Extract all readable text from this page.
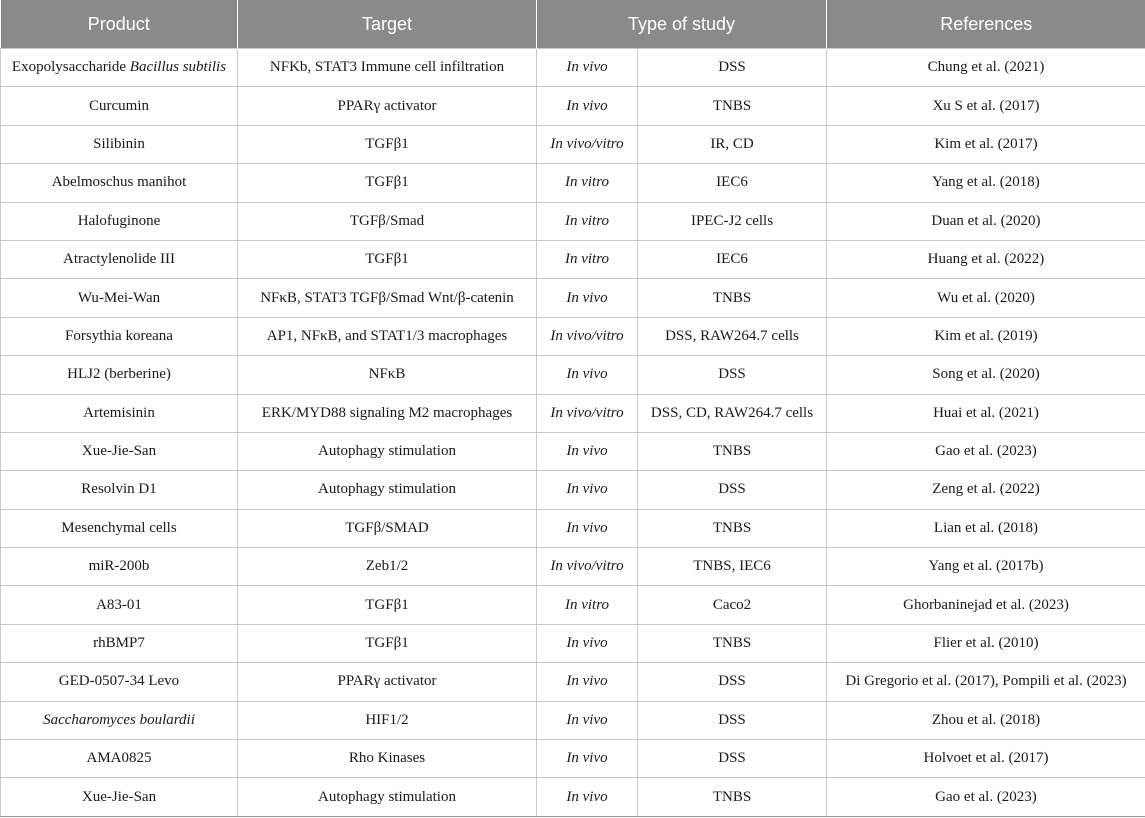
Product	Target	Type of study		References
Exopolysaccharide Bacillus subtilis	NFKb, STAT3 Immune cell infiltration	In vivo	DSS	Chung et al. (2021)
Curcumin	PPARγ activator	In vivo	TNBS	Xu S et al. (2017)
Silibinin	TGFβ1	In vivo/vitro	IR, CD	Kim et al. (2017)
Abelmoschus manihot	TGFβ1	In vitro	IEC6	Yang et al. (2018)
Halofuginone	TGFβ/Smad	In vitro	IPEC-J2 cells	Duan et al. (2020)
Atractylenolide III	TGFβ1	In vitro	IEC6	Huang et al. (2022)
Wu-Mei-Wan	NFκB, STAT3 TGFβ/Smad Wnt/β-catenin	In vivo	TNBS	Wu et al. (2020)
Forsythia koreana	AP1, NFκB, and STAT1/3 macrophages	In vivo/vitro	DSS, RAW264.7 cells	Kim et al. (2019)
HLJ2 (berberine)	NFκB	In vivo	DSS	Song et al. (2020)
Artemisinin	ERK/MYD88 signaling M2 macrophages	In vivo/vitro	DSS, CD, RAW264.7 cells	Huai et al. (2021)
Xue-Jie-San	Autophagy stimulation	In vivo	TNBS	Gao et al. (2023)
Resolvin D1	Autophagy stimulation	In vivo	DSS	Zeng et al. (2022)
Mesenchymal cells	TGFβ/SMAD	In vivo	TNBS	Lian et al. (2018)
miR-200b	Zeb1/2	In vivo/vitro	TNBS, IEC6	Yang et al. (2017b)
A83-01	TGFβ1	In vitro	Caco2	Ghorbaninejad et al. (2023)
rhBMP7	TGFβ1	In vivo	TNBS	Flier et al. (2010)
GED-0507-34 Levo	PPARγ activator	In vivo	DSS	Di Gregorio et al. (2017), Pompili et al. (2023)
Saccharomyces boulardii	HIF1/2	In vivo	DSS	Zhou et al. (2018)
AMA0825	Rho Kinases	In vivo	DSS	Holvoet et al. (2017)
Xue-Jie-San	Autophagy stimulation	In vivo	TNBS	Gao et al. (2023)
